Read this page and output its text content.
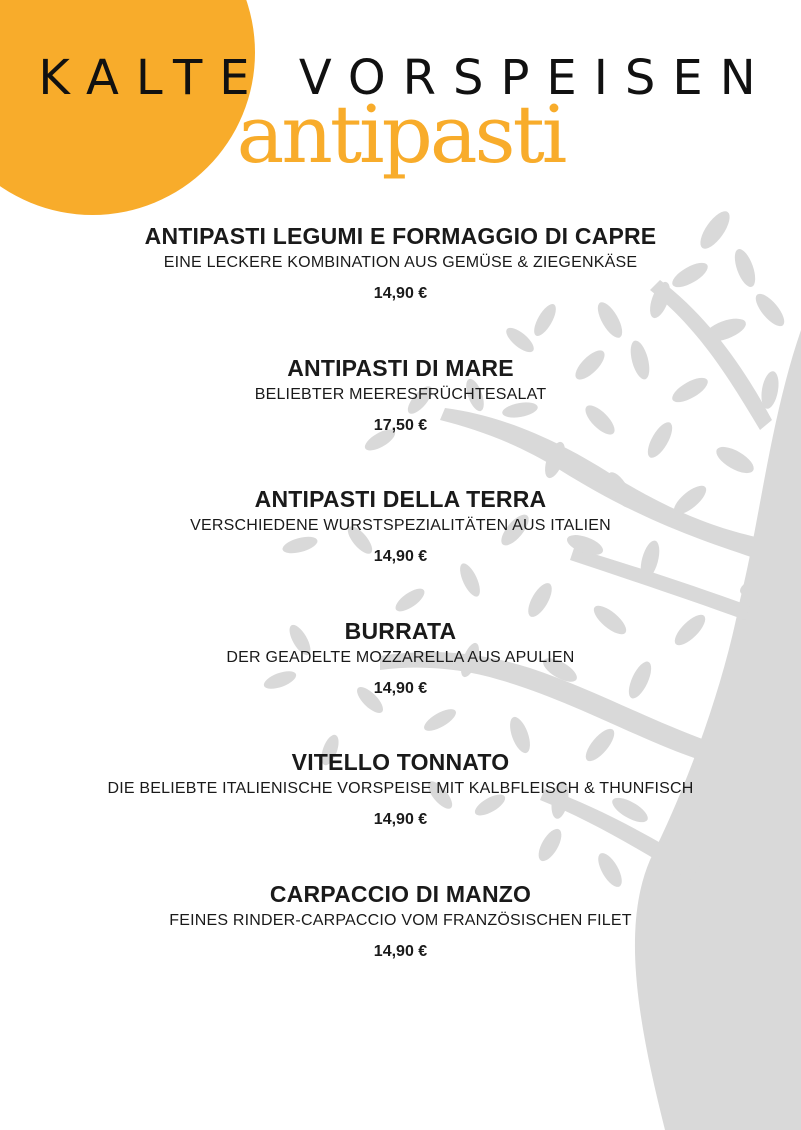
KALTE VORSPEISEN
antipasti
ANTIPASTI LEGUMI E FORMAGGIO DI CAPRE
EINE LECKERE KOMBINATION AUS GEMÜSE & ZIEGENKÄSE
14,90 €
ANTIPASTI DI MARE
BELIEBTER MEERESFRÜCHTESALAT
17,50 €
ANTIPASTI DELLA TERRA
VERSCHIEDENE WURSTSPEZIALITÄTEN AUS ITALIEN
14,90 €
BURRATA
DER GEADELTE MOZZARELLA AUS APULIEN
14,90 €
VITELLO TONNATO
DIE BELIEBTE ITALIENISCHE VORSPEISE MIT KALBFLEISCH & THUNFISCH
14,90 €
CARPACCIO DI MANZO
FEINES RINDER-CARPACCIO VOM FRANZÖSISCHEN FILET
14,90 €
